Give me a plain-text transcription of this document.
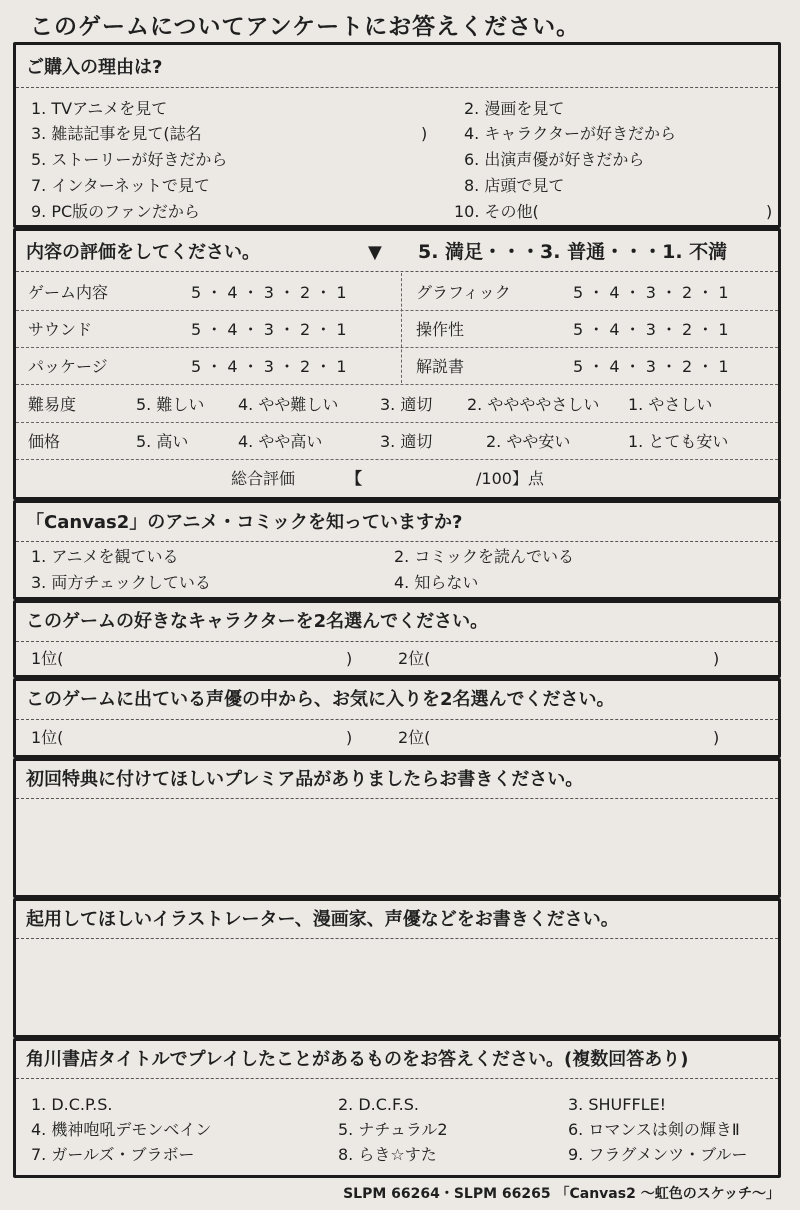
このゲームについてアンケートにお答えください。
ご購入の理由は?
1. TVアニメを見て	2. 漫画を見て
3. 雑誌記事を見て(誌名	) 4. キャラクターが好きだから
5. ストーリーが好きだから	6. 出演声優が好きだから
7. インターネットで見て	8. 店頭で見て
9. PC版のファンだから	10. その他(	)
内容の評価をしてください。	▼	5. 満足・・・3. 普通・・・1. 不満
ゲーム内容	5 ・ 4 ・ 3 ・ 2 ・ 1	グラフィック	5 ・ 4 ・ 3 ・ 2 ・ 1
サウンド	5 ・ 4 ・ 3 ・ 2 ・ 1	操作性	5 ・ 4 ・ 3 ・ 2 ・ 1
パッケージ	5 ・ 4 ・ 3 ・ 2 ・ 1	解説書	5 ・ 4 ・ 3 ・ 2 ・ 1
難易度	5. 難しい 4. やや難しい	3. 適切 2. ややややさしい 1. やさしい
価格	5. 高い	4. やや高い	3. 適切	2. やや安い	1. とても安い
総合評価	【	/100】点
「Canvas2」のアニメ・コミックを知っていますか?
1. アニメを観ている	2. コミックを読んでいる
3. 両方チェックしている	4. 知らない
このゲームの好きなキャラクターを2名選んでください。
1位(	)	2位(	)
このゲームに出ている声優の中から、お気に入りを2名選んでください。
1位(	)	2位(	)
初回特典に付けてほしいプレミア品がありましたらお書きください。
起用してほしいイラストレーター、漫画家、声優などをお書きください。
角川書店タイトルでプレイしたことがあるものをお答えください。(複数回答あり)
1. D.C.P.S.	2. D.C.F.S.	3. SHUFFLE!
4. 機神咆吼デモンベイン	5. ナチュラル2	6. ロマンスは剣の輝きⅡ
7. ガールズ・ブラボー	8. らき☆すた	9. フラグメンツ・ブルー
SLPM 66264・SLPM 66265 「Canvas2 ～虹色のスケッチ～」
